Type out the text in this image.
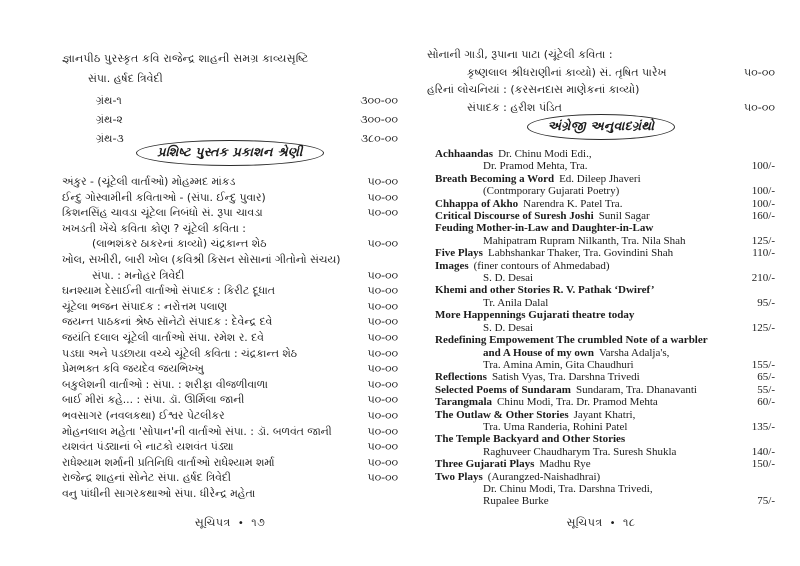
જ્ઞાનપીઠ પુરસ્કૃત કવિ રાજેન્દ્ર શાહની સમગ્ર કાવ્યસૃષ્ટિ
સંપા. હર્ષદ ત્રિવેદી
ગ્રંથ-૧	૩૦૦-૦૦
ગ્રંથ-૨	૩૦૦-૦૦
ગ્રંથ-૩	૩૮૦-૦૦
પ્રશિષ્ટ પુસ્તક પ્રકાશન શ્રેણી
અંકુર - (ચૂંટેલી વાર્તાઓ) મોહમ્મદ માંકડ	૫૦-૦૦
ઈન્દુ ગોસ્વામીની કવિતાઓ - (સંપા. ઈન્દુ પુવાર)	૫૦-૦૦
કિશનસિંહ ચાવડા ચૂંટેલા નિબંધો સં. રૂપા ચાવડા	૫૦-૦૦
ખખડતી ખેંચે કવિતા કોણ ? ચૂંટેલી કવિતા :
(લાભશંકર ઠાકરનાં કાવ્યો) ચંદ્રકાન્ત શેઠ	૫૦-૦૦
ખોલ, સખીરી, બારી ખોલ (કવિશ્રી કિસન સોસાનાં ગીતોનો સંચય)
સંપા. : મનોહર ત્રિવેદી	૫૦-૦૦
ઘનશ્યામ દેસાઈની વાર્તાઓ સંપાદક : કિરીટ દૂધાત	૫૦-૦૦
ચૂંટેલા ભજન સંપાદક : નરોત્તમ પલાણ	૫૦-૦૦
જયન્ત પાઠકનાં શ્રેષ્ઠ સૉનેટો સંપાદક : દેવેન્દ્ર દવે	૫૦-૦૦
જયંતિ દલાલ ચૂંટેલી વાર્તાઓ સંપા. રમેશ ર. દવે	૫૦-૦૦
પડઘા અને પડછાયા વચ્ચે ચૂંટેલી કવિતા : ચંદ્રકાન્ત શેઠ	૫૦-૦૦
પ્રેમભક્ત કવિ જયદેવ જયભિખ્ખુ	૫૦-૦૦
બકુલેશની વાર્તાઓ : સંપા. : શરીફા વીજળીવાળા	૫૦-૦૦
બાઈ મીરાં કહે... : સંપા. ડૉ. ઊર્મિલા જાની	૫૦-૦૦
ભવસાગર (નવલકથા) ઈશ્વર પેટલીકર	૫૦-૦૦
મોહનલાલ મહેતા 'સોપાન'ની વાર્તાઓ સંપા. : ડૉ. બળવંત જાની	૫૦-૦૦
યશવંત પંડ્યાનાં બે નાટકો યશવંત પંડ્યા	૫૦-૦૦
રાધેશ્યામ શર્માની પ્રતિનિધિ વાર્તાઓ રાધેશ્યામ શર્મા	૫૦-૦૦
રાજેન્દ્ર શાહનાં સોનેટ સંપા. હર્ષદ ત્રિવેદી	૫૦-૦૦
વનુ પાંધીની સાગરકથાઓ સંપા. ધીરેન્દ્ર મહેતા
સૂચિપત્ર • ૧૭
સોનાની ગાડી, રૂપાના પાટા (ચૂંટેલી કવિતા :
કૃષ્ણલાલ શ્રીધરાણીનાં કાવ્યો) સં. તૃષિત પારેખ	૫૦-૦૦
હરિનાં લોચનિયાં : (કરસનદાસ માણેકનાં કાવ્યો)
સંપાદક : હરીશ પંડિત	૫૦-૦૦
અંગ્રેજી અનુવાદગ્રંથો
Achhaandas Dr. Chinu Modi Edi.,
Dr. Pramod Mehta, Tra.	100/-
Breath Becoming a Word Ed. Dileep Jhaveri
(Contmporary Gujarati Poetry)	100/-
Chhappa of Akho Narendra K. Patel Tra.	100/-
Critical Discourse of Suresh Joshi Sunil Sagar	160/-
Feuding Mother-in-Law and Daughter-in-Law
Mahipatram Rupram Nilkanth, Tra. Nila Shah	125/-
Five Plays Labhshankar Thaker, Tra. Govindini Shah	110/-
Images (finer contours of Ahmedabad)
S. D. Desai	210/-
Khemi and other Stories R. V. Pathak ‘Dwiref’
Tr. Anila Dalal	95/-
More Happennings Gujarati theatre today
S. D. Desai	125/-
Redefining Empowement The crumbled Note of a warbler
and A House of my own Varsha Adalja's,
Tra. Amina Amin, Gita Chaudhuri	155/-
Reflections Satish Vyas, Tra. Darshna Trivedi	65/-
Selected Poems of Sundaram Sundaram, Tra. Dhanavanti	55/-
Tarangmala Chinu Modi, Tra. Dr. Pramod Mehta	60/-
The Outlaw & Other Stories Jayant Khatri,
Tra. Uma Randeria, Rohini Patel	135/-
The Temple Backyard and Other Stories
Raghuveer Chaudharym Tra. Suresh Shukla	140/-
Three Gujarati Plays Madhu Rye	150/-
Two Plays (Aurangzed-Naishadhrai)
Dr. Chinu Modi, Tra. Darshna Trivedi,
Rupalee Burke	75/-
સૂચિપત્ર • ૧૮
